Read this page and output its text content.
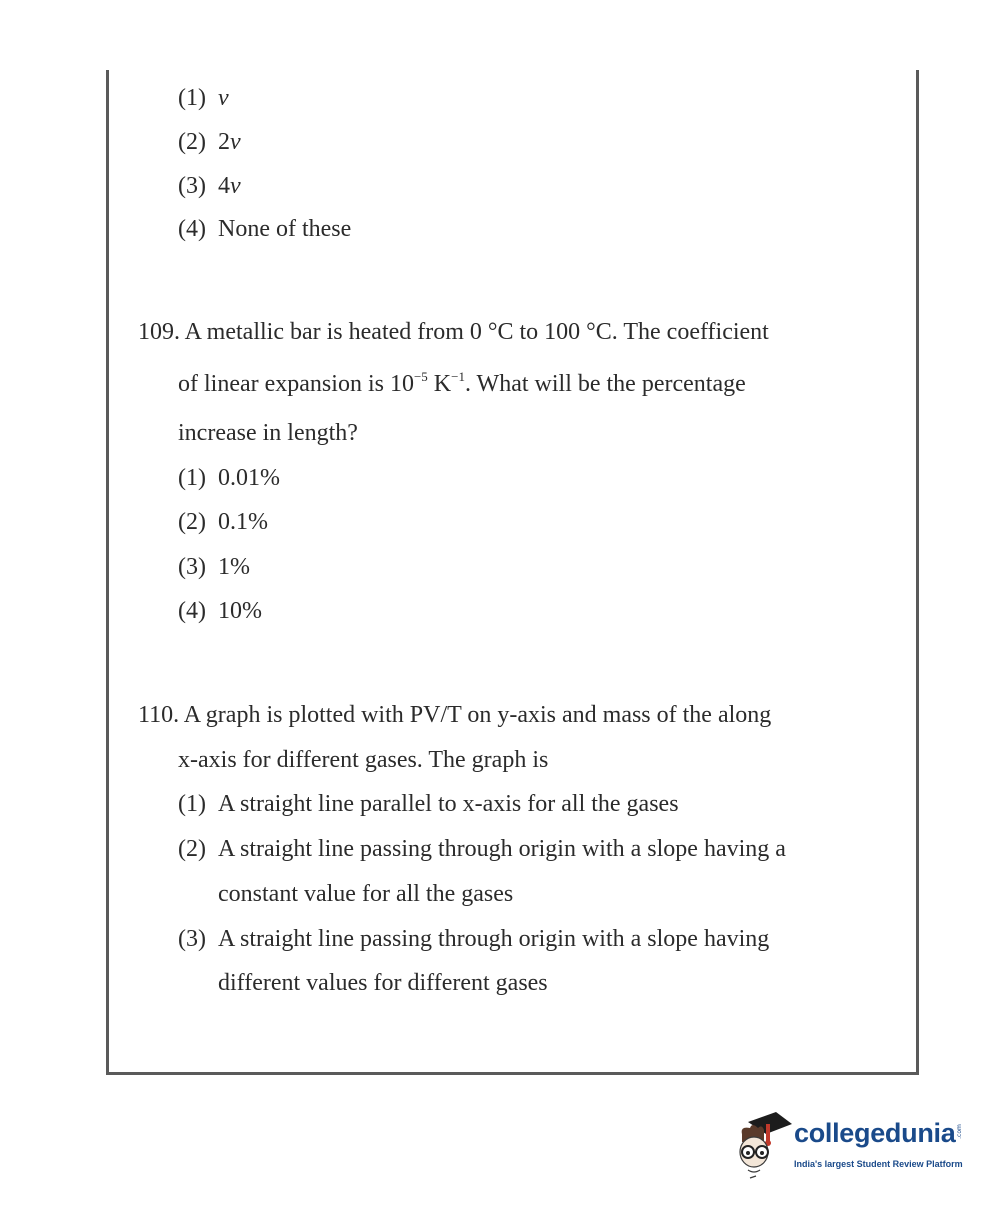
(1) v
(2) 2v
(3) 4v
(4) None of these
109. A metallic bar is heated from 0 °C to 100 °C. The coefficient
of linear expansion is $10^{-5}$ $K^{-1}$. What will be the percentage
increase in length?
(1) 0.01%
(2) 0.1%
(3) 1%
(4) 10%
110. A graph is plotted with PV/T on y-axis and mass of the along
x-axis for different gases. The graph is
(1) A straight line parallel to x-axis for all the gases
(2) A straight line passing through origin with a slope having a
constant value for all the gases
(3) A straight line passing through origin with a slope having
different values for different gases
collegedunia .com
India's largest Student Review Platform
